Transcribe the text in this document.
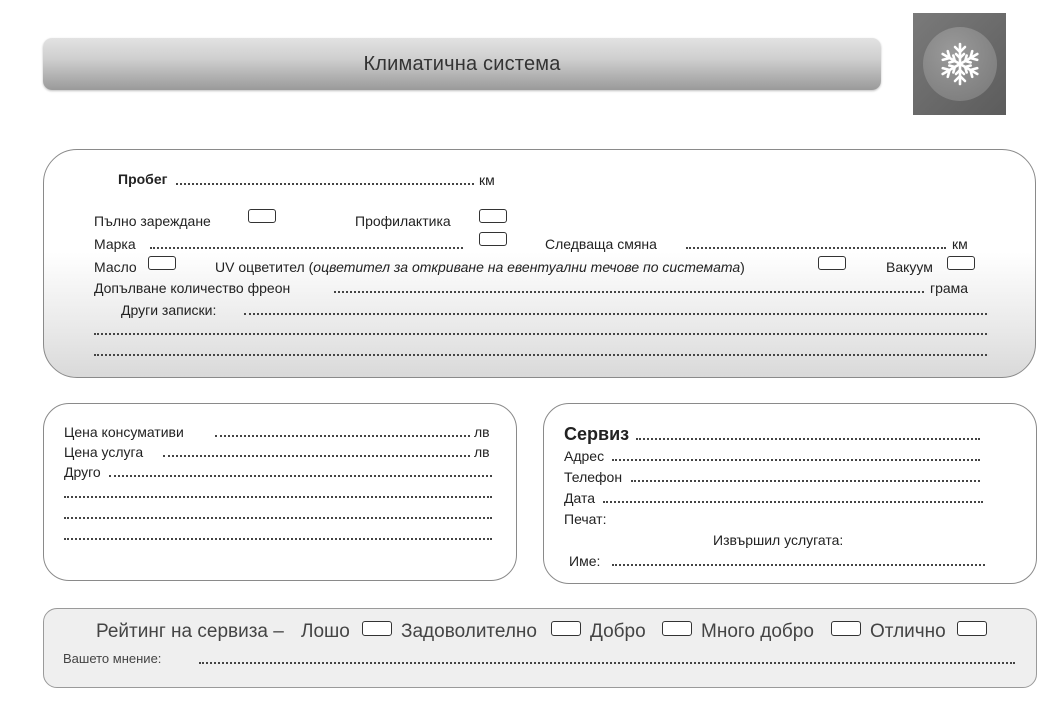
Климатична система
Пробег	км
Пълно зареждане	Профилактика
Марка	Следваща смяна	км
Масло	UV оцветител (оцветител за откриване на евентуални течове по системата)	Вакуум
Допълване количество фреон	грама
Други записки:
Цена консумативи	лв
Цена услуга	лв
Друго
Сервиз
Адрес
Телефон
Дата
Печат:
Извършил услугата:
Име:
Рейтинг на сервиза – Лошо	Задоволително	Добро	Много добро	Отлично
Вашето мнение:
